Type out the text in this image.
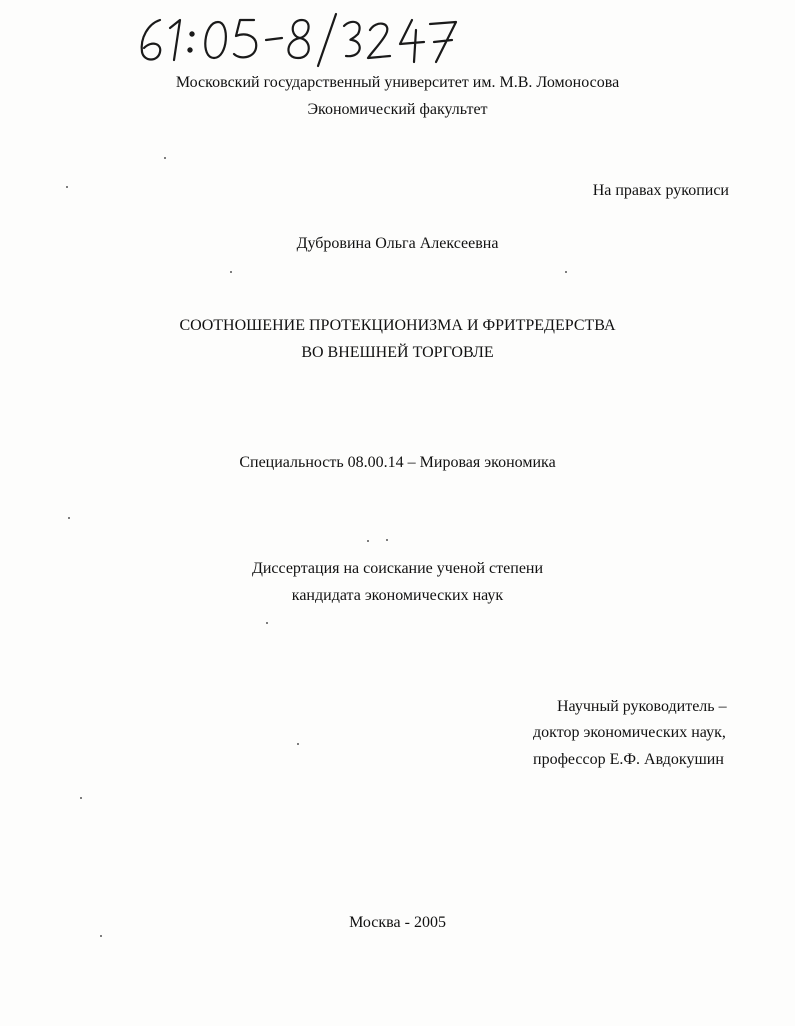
Московский государственный университет им. М.В. Ломоносова
Экономический факультет
На правах рукописи
Дубровина Ольга Алексеевна
СООТНОШЕНИЕ ПРОТЕКЦИОНИЗМА И ФРИТРЕДЕРСТВА
ВО ВНЕШНЕЙ ТОРГОВЛЕ
Специальность 08.00.14 – Мировая экономика
Диссертация на соискание ученой степени
кандидата экономических наук
Научный руководитель –
доктор экономических наук,
профессор Е.Ф. Авдокушин
Москва - 2005
